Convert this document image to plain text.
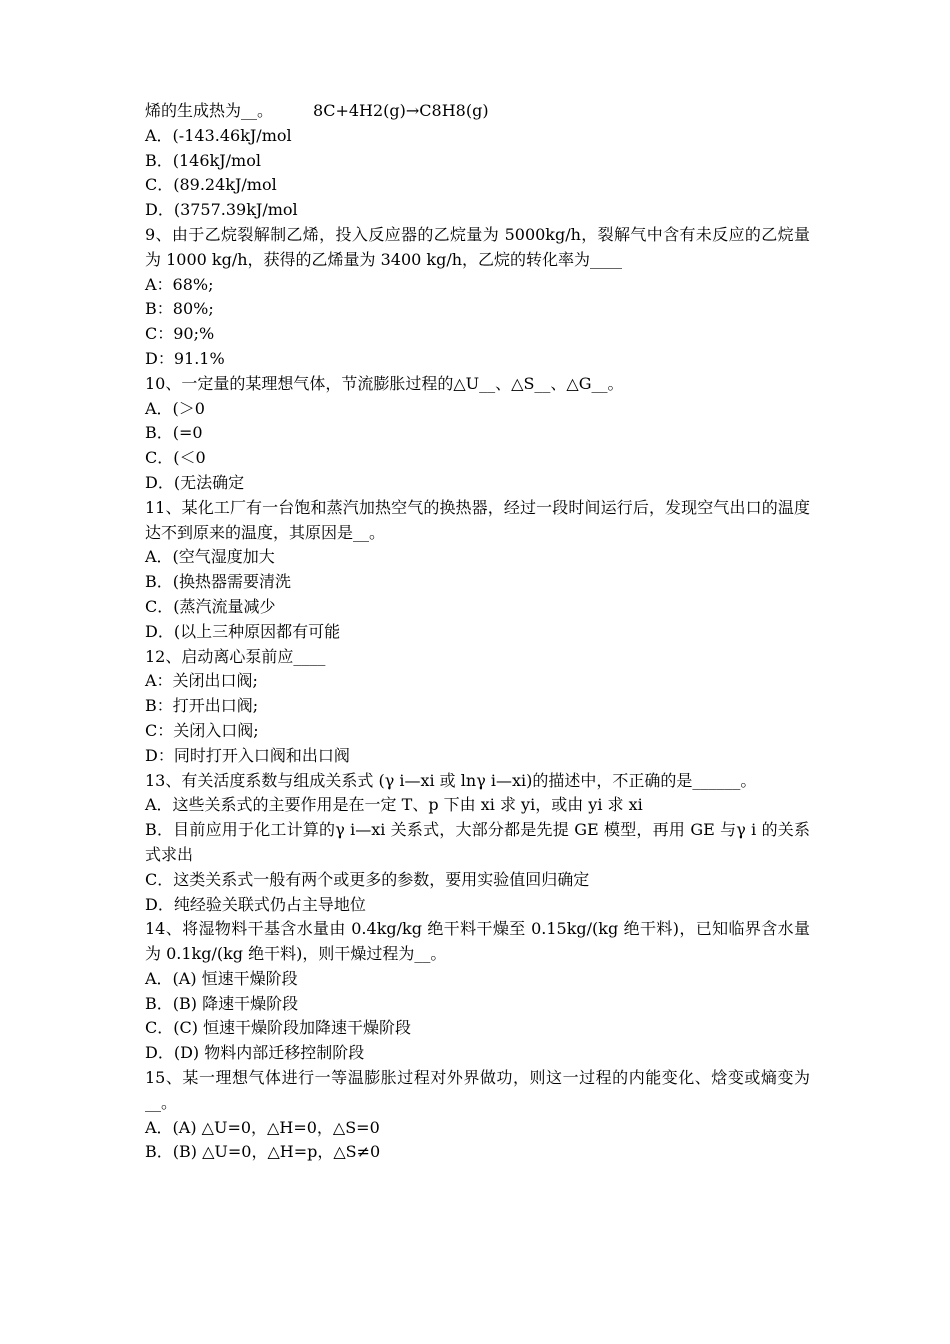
烯的生成热为__。	8C+4H2(g)→C8H8(g)
A．(-143.46kJ/mol
B．(146kJ/mol
C．(89.24kJ/mol
D．(3757.39kJ/mol
9、由于乙烷裂解制乙烯，投入反应器的乙烷量为 5000kg/h，裂解气中含有未反应的乙烷量为 1000 kg/h，获得的乙烯量为 3400 kg/h，乙烷的转化率为____
A：68%;
B：80%;
C：90;%
D：91.1%
10、一定量的某理想气体，节流膨胀过程的△U__、△S__、△G__。
A．(＞0
B．(=0
C．(＜0
D．(无法确定
11、某化工厂有一台饱和蒸汽加热空气的换热器，经过一段时间运行后，发现空气出口的温度达不到原来的温度，其原因是__。
A．(空气湿度加大
B．(换热器需要清洗
C．(蒸汽流量减少
D．(以上三种原因都有可能
12、启动离心泵前应____
A：关闭出口阀;
B：打开出口阀;
C：关闭入口阀;
D：同时打开入口阀和出口阀
13、有关活度系数与组成关系式 (γ i—xi 或 lnγ i—xi)的描述中，不正确的是______。
A．这些关系式的主要作用是在一定 T、p 下由 xi 求 yi，或由 yi 求 xi
B．目前应用于化工计算的γ i—xi 关系式，大部分都是先提 GE 模型，再用 GE 与γ i 的关系式求出
C．这类关系式一般有两个或更多的参数，要用实验值回归确定
D．纯经验关联式仍占主导地位
14、将湿物料干基含水量由 0.4kg/kg 绝干料干燥至 0.15kg/(kg 绝干料)，已知临界含水量为 0.1kg/(kg 绝干料)，则干燥过程为__。
A．(A) 恒速干燥阶段
B．(B) 降速干燥阶段
C．(C) 恒速干燥阶段加降速干燥阶段
D．(D) 物料内部迁移控制阶段
15、某一理想气体进行一等温膨胀过程对外界做功，则这一过程的内能变化、焓变或熵变为__。
A．(A) △U=0，△H=0，△S=0
B．(B) △U=0，△H=p，△S≠0
